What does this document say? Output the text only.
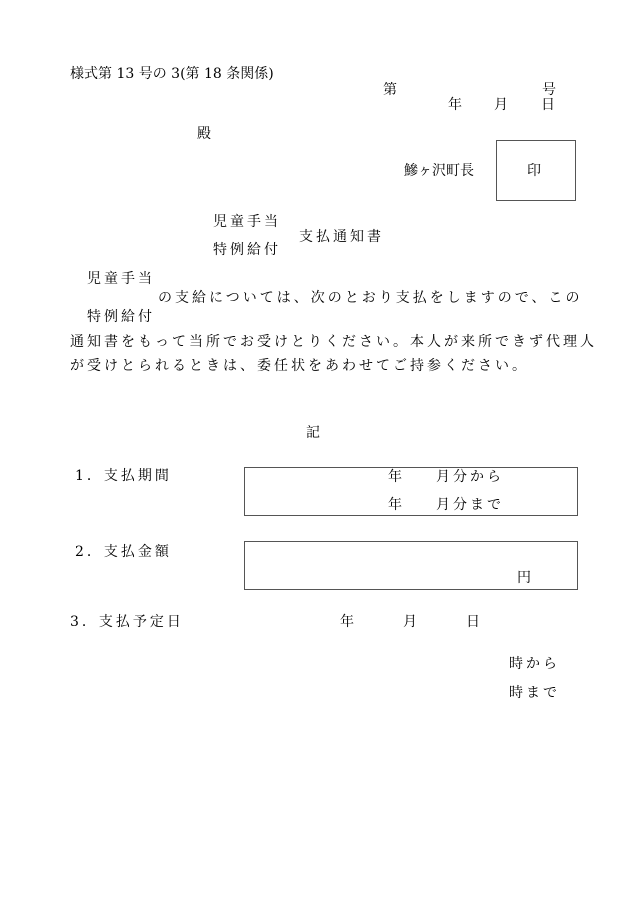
様式第 13 号の 3(第 18 条関係)
第	号
年 月 日
殿
鰺ヶ沢町長	印
児童手当
支払通知書
特例給付
児童手当
の支給については、次のとおり支払をしますので、この
特例給付
通知書をもって当所でお受けとりください。本人が来所できず代理人
が受けとられるときは、委任状をあわせてご持参ください。
記
1．支払期間	年 月分から
年 月分まで
2．支払金額
円
3．支払予定日	年	月	日
時から
時まで
